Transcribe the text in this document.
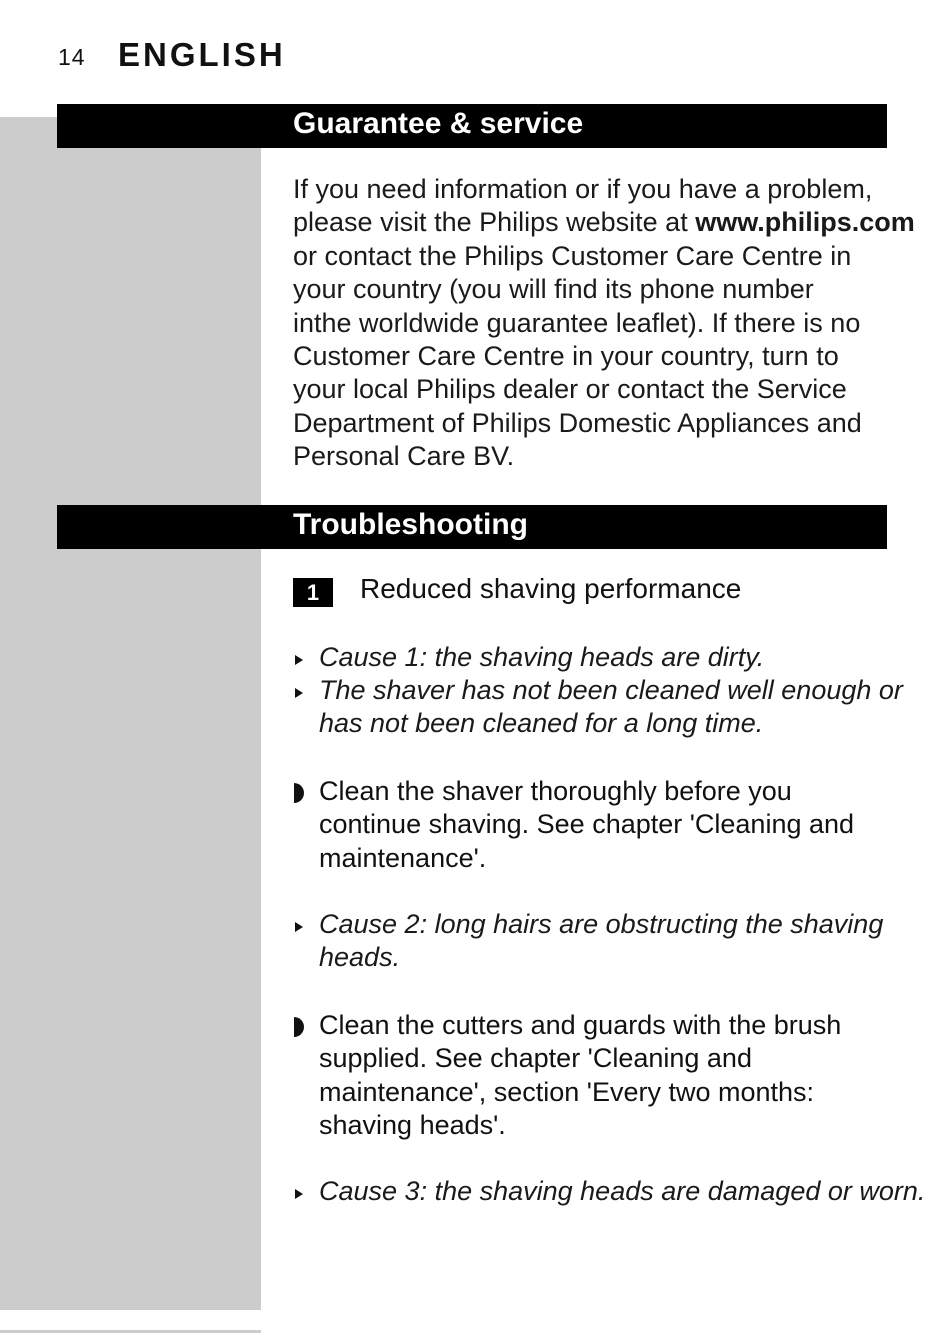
14 ENGLISH
Guarantee & service

If you need information or if you have a problem,
please visit the Philips website at www.philips.com
or contact the Philips Customer Care Centre in
your country (you will find its phone number
inthe worldwide guarantee leaflet). If there is no
Customer Care Centre in your country, turn to
your local Philips dealer or contact the Service
Department of Philips Domestic Appliances and
Personal Care BV.

Troubleshooting
1	Reduced shaving performance

Cause 1: the shaving heads are dirty.

The shaver has not been cleaned well enough or
has not been cleaned for a long time.

Clean the shaver thoroughly before you
continue shaving. See chapter 'Cleaning and
maintenance'.

Cause 2: long hairs are obstructing the shaving
heads.

Clean the cutters and guards with the brush
supplied. See chapter 'Cleaning and
maintenance', section 'Every two months:
shaving heads'.

Cause 3: the shaving heads are damaged or worn.
